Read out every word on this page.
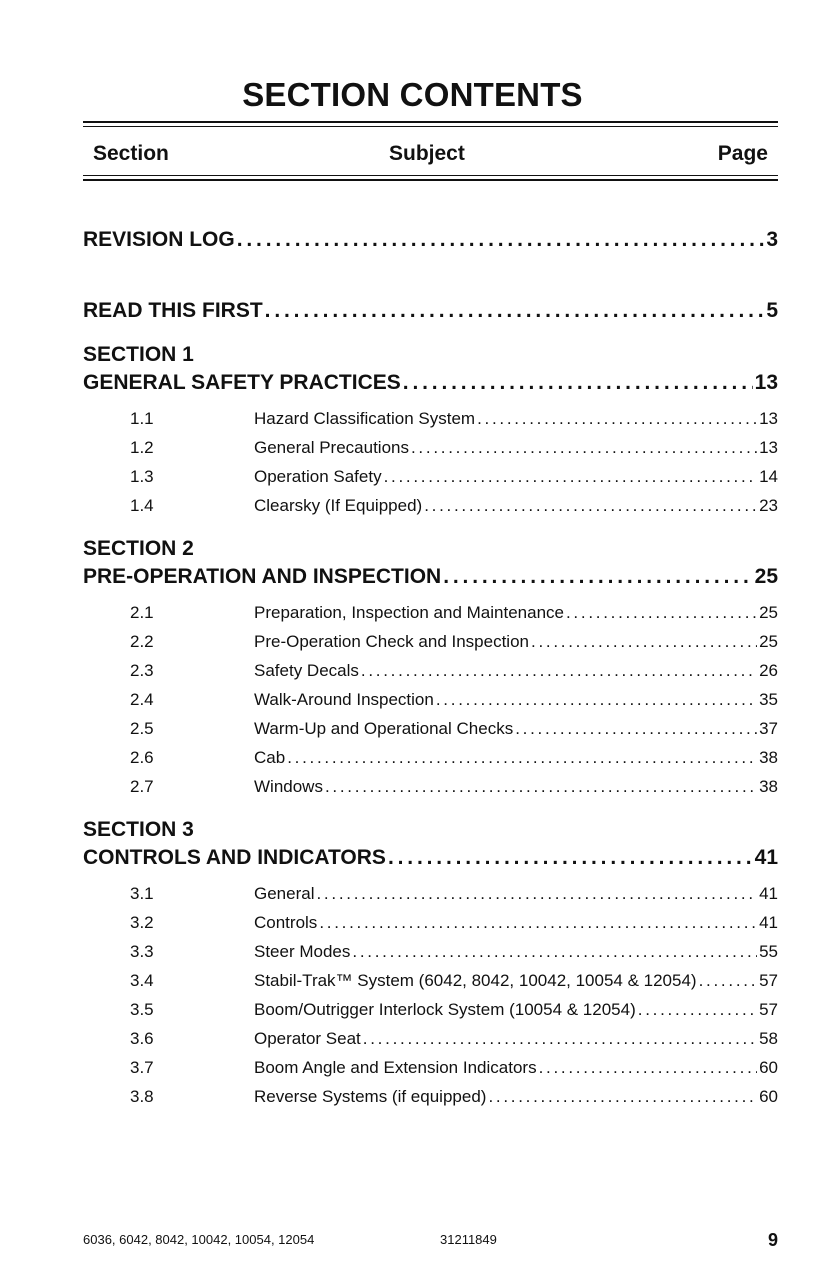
SECTION CONTENTS
Section	Subject	Page
REVISION LOG . . .	3
READ THIS FIRST . . .	5
SECTION 1
GENERAL SAFETY PRACTICES . . .	13
1.1	Hazard Classification System . . .	13
1.2	General Precautions . . .	13
1.3	Operation Safety . . .	14
1.4	Clearsky (If Equipped) . . .	23
SECTION 2
PRE-OPERATION AND INSPECTION . . .	25
2.1	Preparation, Inspection and Maintenance . . .	25
2.2	Pre-Operation Check and Inspection . . .	25
2.3	Safety Decals . . .	26
2.4	Walk-Around Inspection . . .	35
2.5	Warm-Up and Operational Checks . . .	37
2.6	Cab . . .	38
2.7	Windows . . .	38
SECTION 3
CONTROLS AND INDICATORS . . .	41
3.1	General . . .	41
3.2	Controls . . .	41
3.3	Steer Modes . . .	55
3.4	Stabil-Trak™ System (6042, 8042, 10042, 10054 & 12054) . . .	57
3.5	Boom/Outrigger Interlock System (10054 & 12054) . . .	57
3.6	Operator Seat . . .	58
3.7	Boom Angle and Extension Indicators . . .	60
3.8	Reverse Systems (if equipped) . . .	60
6036, 6042, 8042, 10042, 10054, 12054	31211849	9
